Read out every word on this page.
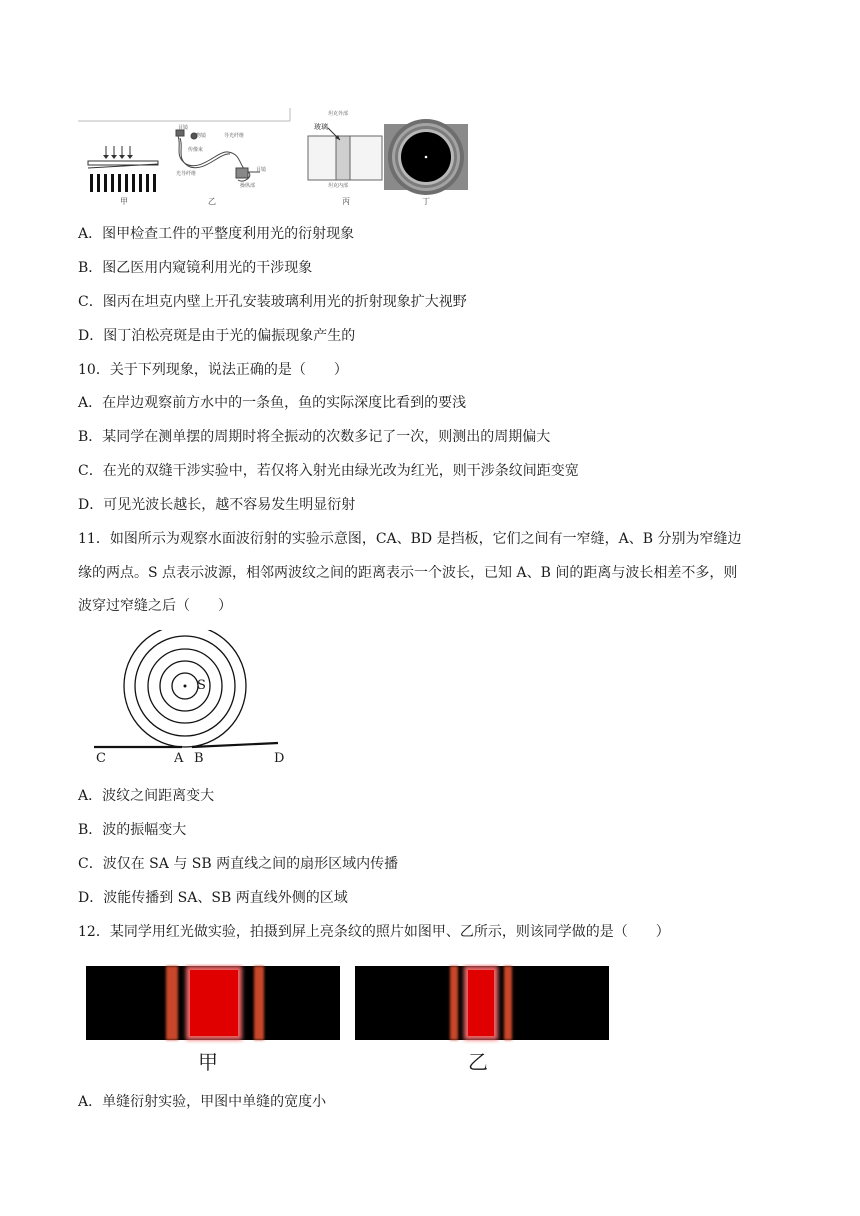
目镜
物镜	导光纤维
传像束
光导纤维
操纵部
目镜
坦克外部
玻璃
坦克内部
甲	乙	丙	丁
A．图甲检查工件的平整度利用光的衍射现象
B．图乙医用内窥镜利用光的干涉现象
C．图丙在坦克内壁上开孔安装玻璃利用光的折射现象扩大视野
D．图丁泊松亮斑是由于光的偏振现象产生的
10．关于下列现象，说法正确的是（　　）
A．在岸边观察前方水中的一条鱼，鱼的实际深度比看到的要浅
B．某同学在测单摆的周期时将全振动的次数多记了一次，则测出的周期偏大
C．在光的双缝干涉实验中，若仅将入射光由绿光改为红光，则干涉条纹间距变宽
D．可见光波长越长，越不容易发生明显衍射
11．如图所示为观察水面波衍射的实验示意图，CA、BD 是挡板，它们之间有一窄缝，A、B 分别为窄缝边
缘的两点。S 点表示波源，相邻两波纹之间的距离表示一个波长，已知 A、B 间的距离与波长相差不多，则
波穿过窄缝之后（　　）
S
C	A B	D
A．波纹之间距离变大
B．波的振幅变大
C．波仅在 SA 与 SB 两直线之间的扇形区域内传播
D．波能传播到 SA、SB 两直线外侧的区域
12．某同学用红光做实验，拍摄到屏上亮条纹的照片如图甲、乙所示，则该同学做的是（　　）
甲	乙
A．单缝衍射实验，甲图中单缝的宽度小
